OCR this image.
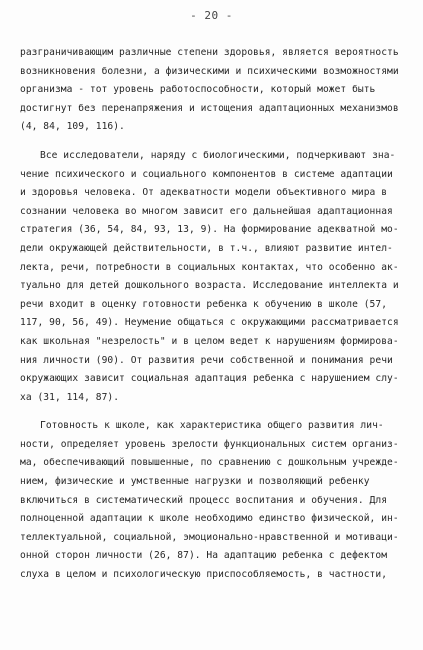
- 20 -
разграничивающим различные степени здоровья, является вероятность
возникновения болезни, а физическими и психическими возможностями
организма - тот уровень работоспособности, который может быть
достигнут без перенапряжения и истощения адаптационных механизмов
(4, 84, 109, 116).
Все исследователи, наряду с биологическими, подчеркивают зна-
чение психического и социального компонентов в системе адаптации
и здоровья человека. От адекватности модели объективного мира в
сознании человека во многом зависит его дальнейшая адаптационная
стратегия (36, 54, 84, 93, 13, 9). На формирование адекватной мо-
дели окружающей действительности, в т.ч., влияют развитие интел-
лекта, речи, потребности в социальных контактах, что особенно ак-
туально для детей дошкольного возраста. Исследование интеллекта и
речи входит в оценку готовности ребенка к обучению в школе (57,
117, 90, 56, 49). Неумение общаться с окружающими рассматривается
как школьная "незрелость" и в целом ведет к нарушениям формирова-
ния личности (90). От развития речи собственной и понимания речи
окружающих зависит социальная адаптация ребенка с нарушением слу-
ха (31, 114, 87).
Готовность к школе, как характеристика общего развития лич-
ности, определяет уровень зрелости функциональных систем организ-
ма, обеспечивающий повышенные, по сравнению с дошкольным учрежде-
нием, физические и умственные нагрузки и позволяющий ребенку
включиться в систематический процесс воспитания и обучения. Для
полноценной адаптации к школе необходимо единство физической, ин-
теллектуальной, социальной, эмоционально-нравственной и мотиваци-
онной сторон личности (26, 87). На адаптацию ребенка с дефектом
слуха в целом и психологическую приспособляемость, в частности,
